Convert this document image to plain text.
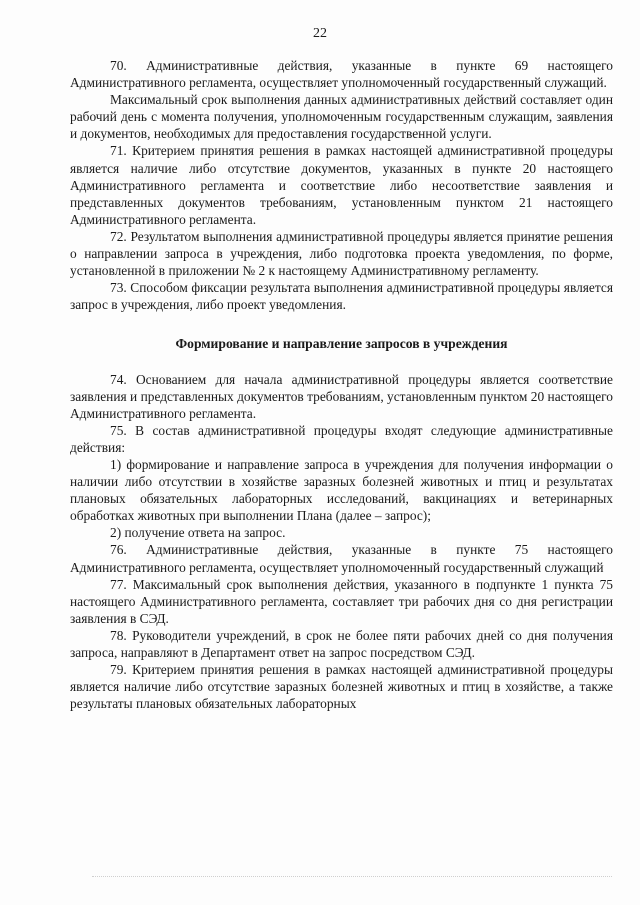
22

70. Административные действия, указанные в пункте 69 настоящего Административного регламента, осуществляет уполномоченный государственный служащий.

Максимальный срок выполнения данных административных действий составляет один рабочий день с момента получения, уполномоченным государственным служащим, заявления и документов, необходимых для предоставления государственной услуги.

71. Критерием принятия решения в рамках настоящей административной процедуры является наличие либо отсутствие документов, указанных в пункте 20 настоящего Административного регламента и соответствие либо несоответствие заявления и представленных документов требованиям, установленным пунктом 21 настоящего Административного регламента.

72. Результатом выполнения административной процедуры является принятие решения о направлении запроса в учреждения, либо подготовка проекта уведомления, по форме, установленной в приложении № 2 к настоящему Административному регламенту.

73. Способом фиксации результата выполнения административной процедуры является запрос в учреждения, либо проект уведомления.

Формирование и направление запросов в учреждения

74. Основанием для начала административной процедуры является соответствие заявления и представленных документов требованиям, установленным пунктом 20 настоящего Административного регламента.

75. В состав административной процедуры входят следующие административные действия:

1) формирование и направление запроса в учреждения для получения информации о наличии либо отсутствии в хозяйстве заразных болезней животных и птиц и результатах плановых обязательных лабораторных исследований, вакцинациях и ветеринарных обработках животных при выполнении Плана (далее – запрос);

2) получение ответа на запрос.

76. Административные действия, указанные в пункте 75 настоящего Административного регламента, осуществляет уполномоченный государственный служащий

77. Максимальный срок выполнения действия, указанного в подпункте 1 пункта 75 настоящего Административного регламента, составляет три рабочих дня со дня регистрации заявления в СЭД.

78. Руководители учреждений, в срок не более пяти рабочих дней со дня получения запроса, направляют в Департамент ответ на запрос посредством СЭД.

79. Критерием принятия решения в рамках настоящей административной процедуры является наличие либо отсутствие заразных болезней животных и птиц в хозяйстве, а также результаты плановых обязательных лабораторных
